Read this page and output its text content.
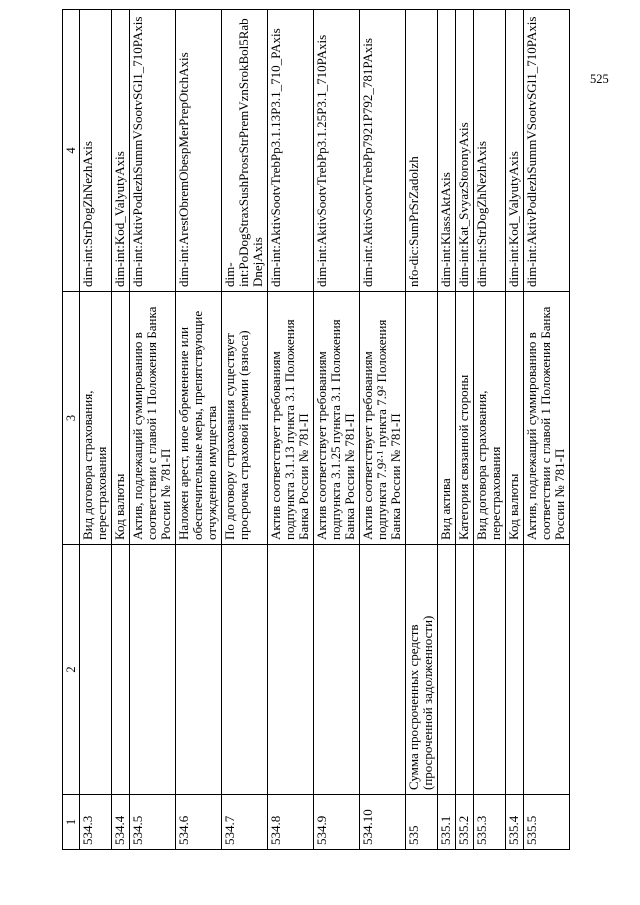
525
1	2	3	4
534.3		Вид договора страхования, перестрахования	dim-int:StrDogZhNezhAxis
534.4		Код валюты	dim-int:Kod_ValyutyAxis
534.5		Актив, подлежащий суммированию в соответствии с главой 1 Положения Банка России № 781-П	dim-int:AktivPodlezhSummVSootvSGl1_710PAxis
534.6		Наложен арест, иное обременение или обеспечительные меры, препятствующие отчуждению имущества	dim-int:ArestObremObespMerPrepOtchAxis
534.7		По договору страхования существует просрочка страховой премии (взноса)	dim-int:PoDogStraxSushProsrStrPremVznSrokBol5RabDnejAxis
534.8		Актив соответствует требованиям подпункта 3.1.13 пункта 3.1 Положения Банка России № 781-П	dim-int:AktivSootvTrebPp3.1.13P3.1_710_PAxis
534.9		Актив соответствует требованиям подпункта 3.1.25 пункта 3.1 Положения Банка России № 781-П	dim-int:AktivSootvTrebPp3.1.25P3.1_710PAxis
534.10		Актив соответствует требованиям подпункта 7.9²·¹ пункта 7.9² Положения Банка России № 781-П	dim-int:AktivSootvTrebPp7921P792_781PAxis
535	Сумма просроченных средств (просроченной задолженности)		nfo-dic:SumPrSrZadolzh
535.1		Вид актива	dim-int:KlassAktAxis
535.2		Категория связанной стороны	dim-int:Kat_SvyazStoronyAxis
535.3		Вид договора страхования, перестрахования	dim-int:StrDogZhNezhAxis
535.4		Код валюты	dim-int:Kod_ValyutyAxis
535.5		Актив, подлежащий суммированию в соответствии с главой 1 Положения Банка России № 781-П	dim-int:AktivPodlezhSummVSootvSGl1_710PAxis
